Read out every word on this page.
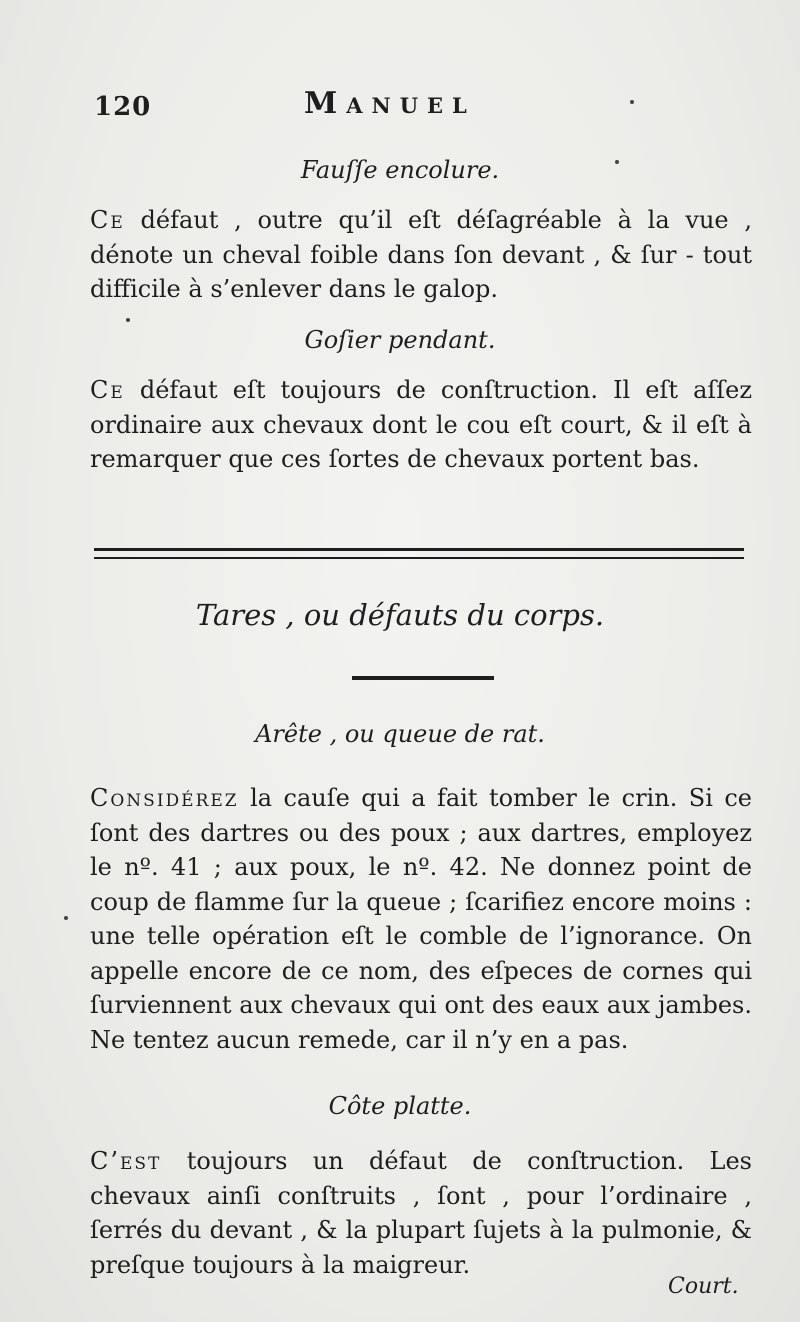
120	Manuel
Fauſſe encolure.
Ce défaut , outre qu’il eſt déſagréable à la vue , dénote un cheval foible dans ſon devant , & ſur - tout difficile à s’enlever dans le galop.
Goſier pendant.
Ce défaut eſt toujours de conſtruction. Il eſt aſſez ordinaire aux chevaux dont le cou eſt court, & il eſt à remarquer que ces ſortes de chevaux portent bas.
Tares , ou défauts du corps.
Arête , ou queue de rat.
Considérez la cauſe qui a fait tomber le crin. Si ce ſont des dartres ou des poux ; aux dartres, employez le nº. 41 ; aux poux, le nº. 42. Ne donnez point de coup de flamme ſur la queue ; ſcarifiez encore moins : une telle opération eſt le comble de l’ignorance. On appelle encore de ce nom, des eſpeces de cornes qui ſurviennent aux chevaux qui ont des eaux aux jambes. Ne tentez aucun remede, car il n’y en a pas.
Côte platte.
C’est toujours un défaut de conſtruction. Les chevaux ainſi conſtruits , ſont , pour l’ordinaire , ſerrés du devant , & la plupart ſujets à la pulmonie, & preſque toujours à la maigreur.
Court.
